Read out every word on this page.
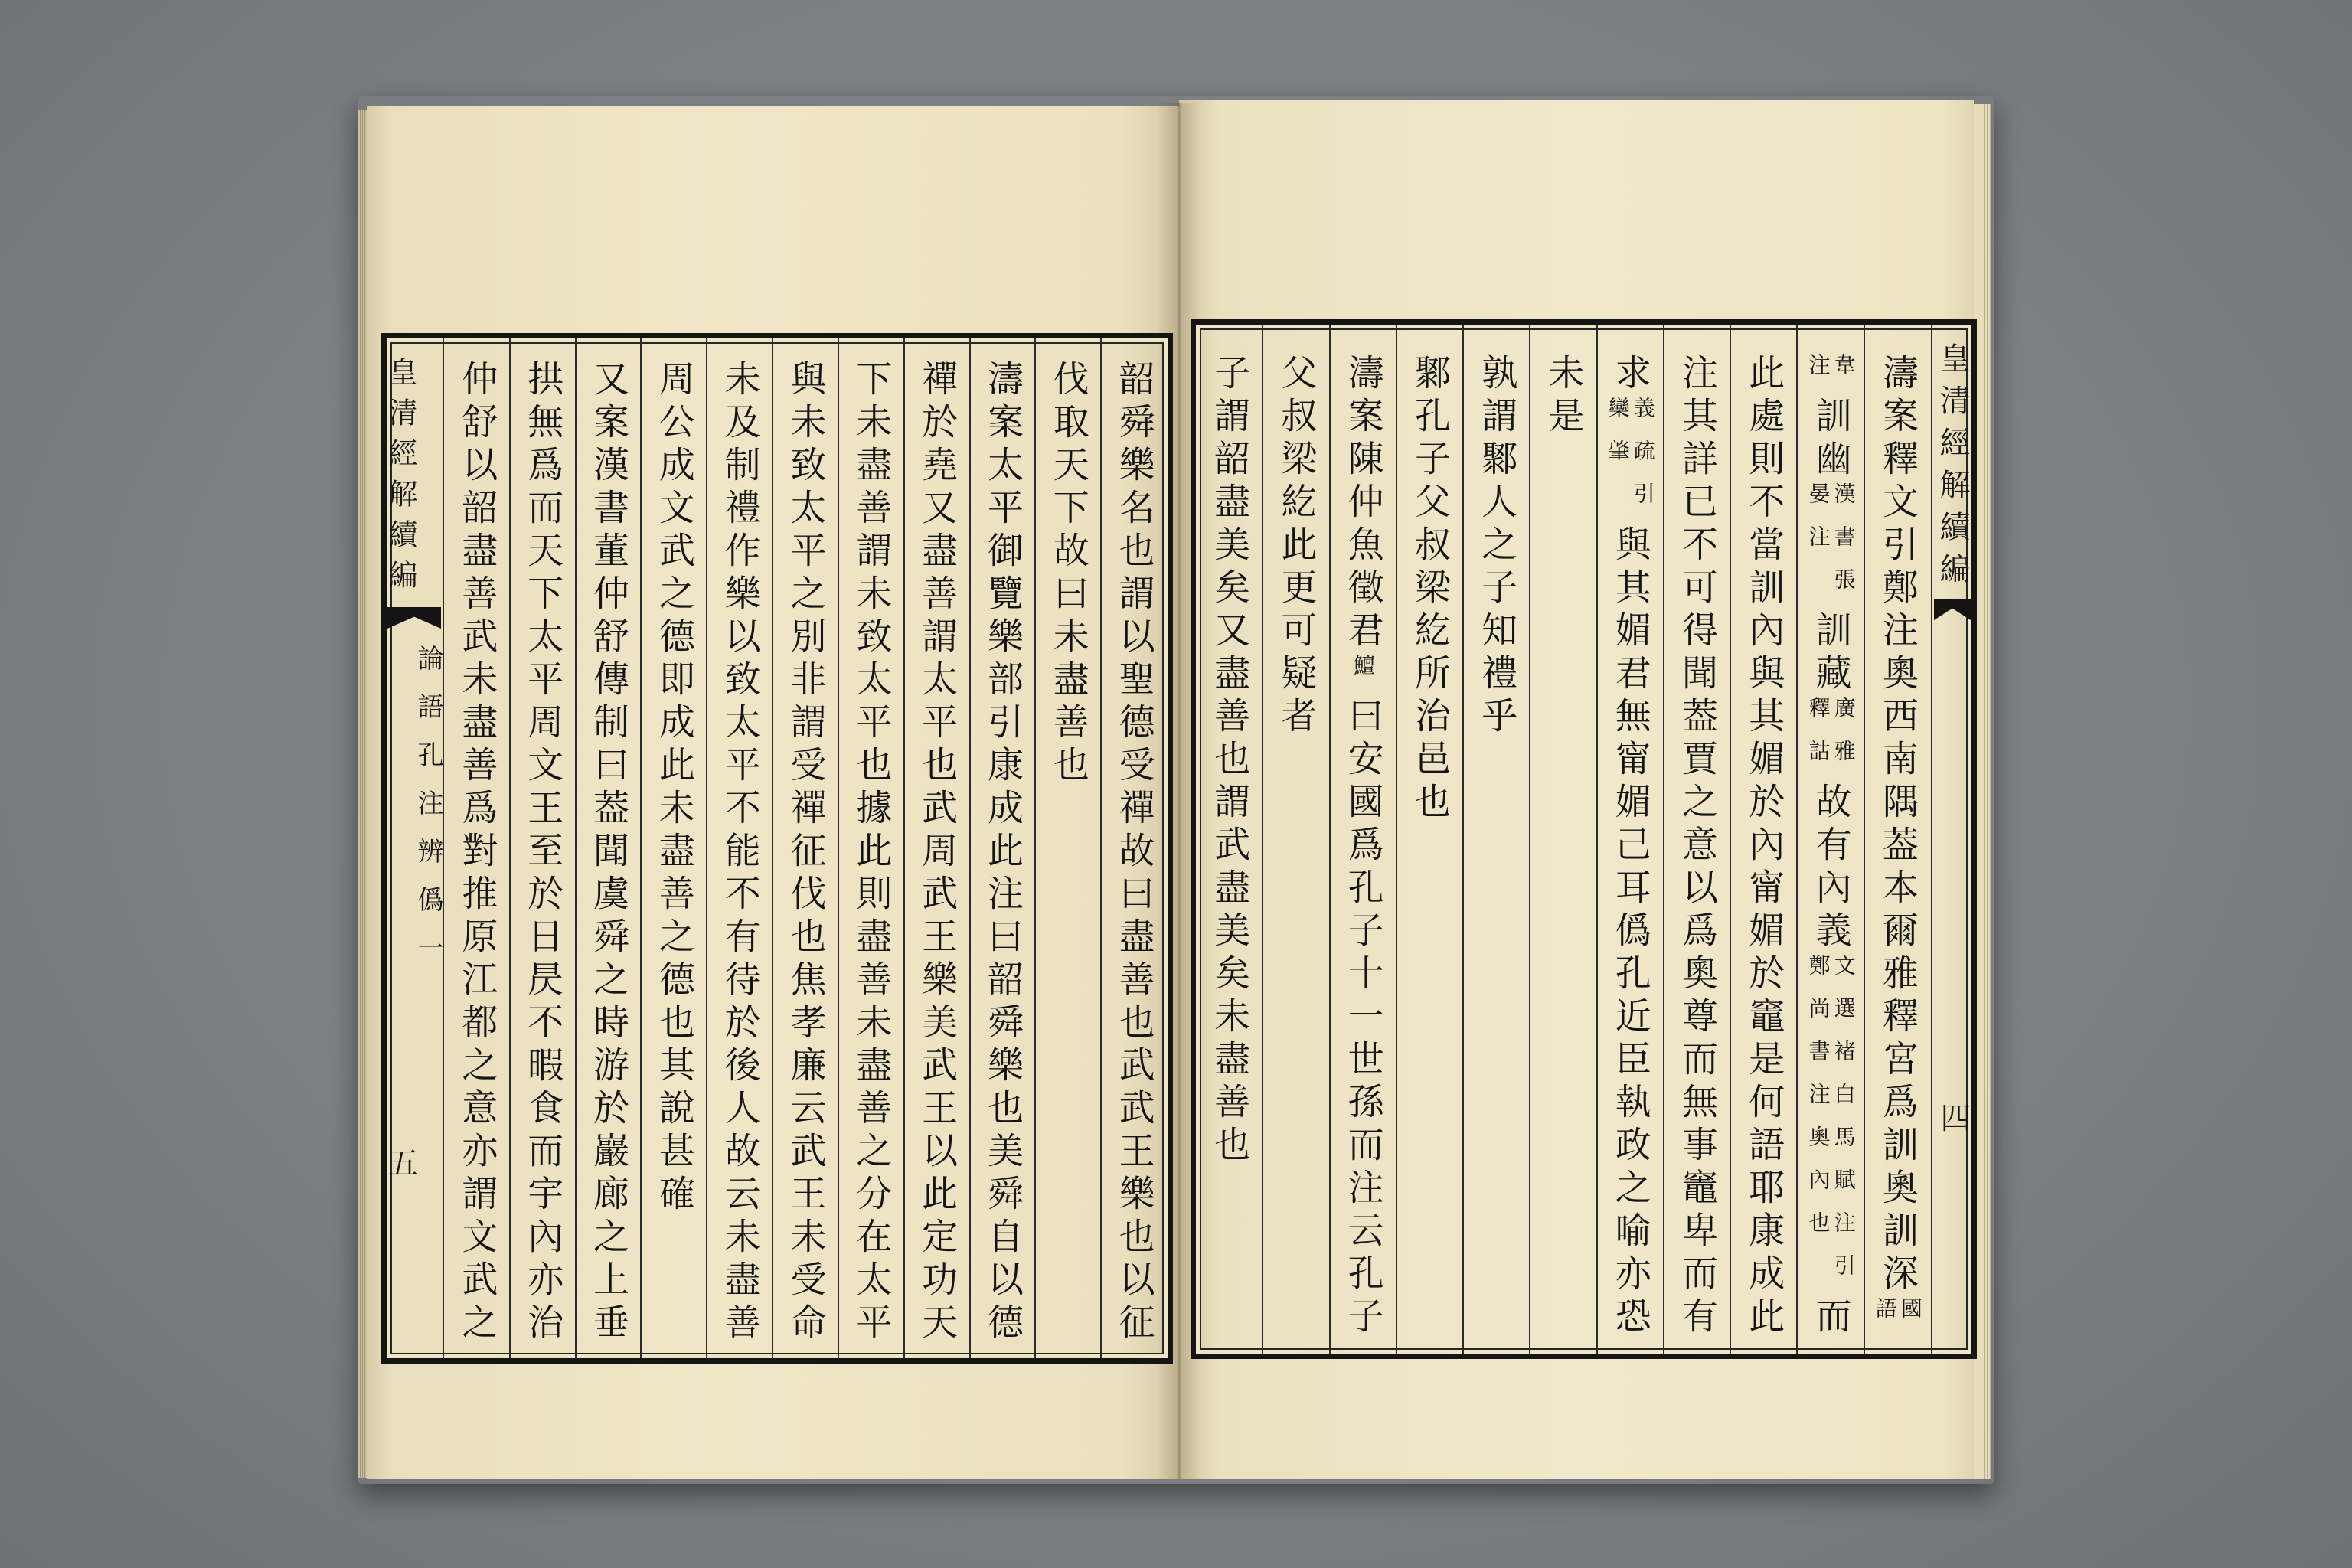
韶舜樂名也謂以聖德受禪故曰盡善也武武王樂也以征
伐取天下故曰未盡善也
濤案太平御覽樂部引康成此注曰韶舜樂也美舜自以德
禪於堯又盡善謂太平也武周武王樂美武王以此定功天
下未盡善謂未致太平也據此則盡善未盡善之分在太平
與未致太平之別非謂受禪征伐也焦孝廉云武王未受命
未及制禮作樂以致太平不能不有待於後人故云未盡善
周公成文武之德即成此未盡善之德也其說甚確
又案漢書董仲舒傳制曰葢聞虞舜之時游於巖廊之上垂
拱無爲而天下太平周文王至於日昃不暇食而宇內亦治
仲舒以韶盡善武未盡善爲對推原江都之意亦謂文武之
皇清經解續編
論語孔注辨僞一
五	濤案釋文引鄭注奧西南隅葢本爾雅釋宮爲訓奧訓深
國
語
韋
注
訓幽
漢書張
晏注
訓藏
廣雅
釋詁
故有內義
文選褚白馬賦注引
鄭尚書注奧內也
而
此處則不當訓內與其媚於內甯媚於竈是何語耶康成此
注其詳已不可得聞葢賈之意以爲奧尊而無事竈卑而有
求
義疏引
欒肇
與其媚君無甯媚己耳僞孔近臣執政之喻亦恐
未是
孰謂鄹人之子知禮乎
鄹孔子父叔梁紇所治邑也
濤案陳仲魚徵君
鱣
曰安國爲孔子十一世孫而注云孔子
父叔梁紇此更可疑者
子謂韶盡美矣又盡善也謂武盡美矣未盡善也	皇清經解續編
四
